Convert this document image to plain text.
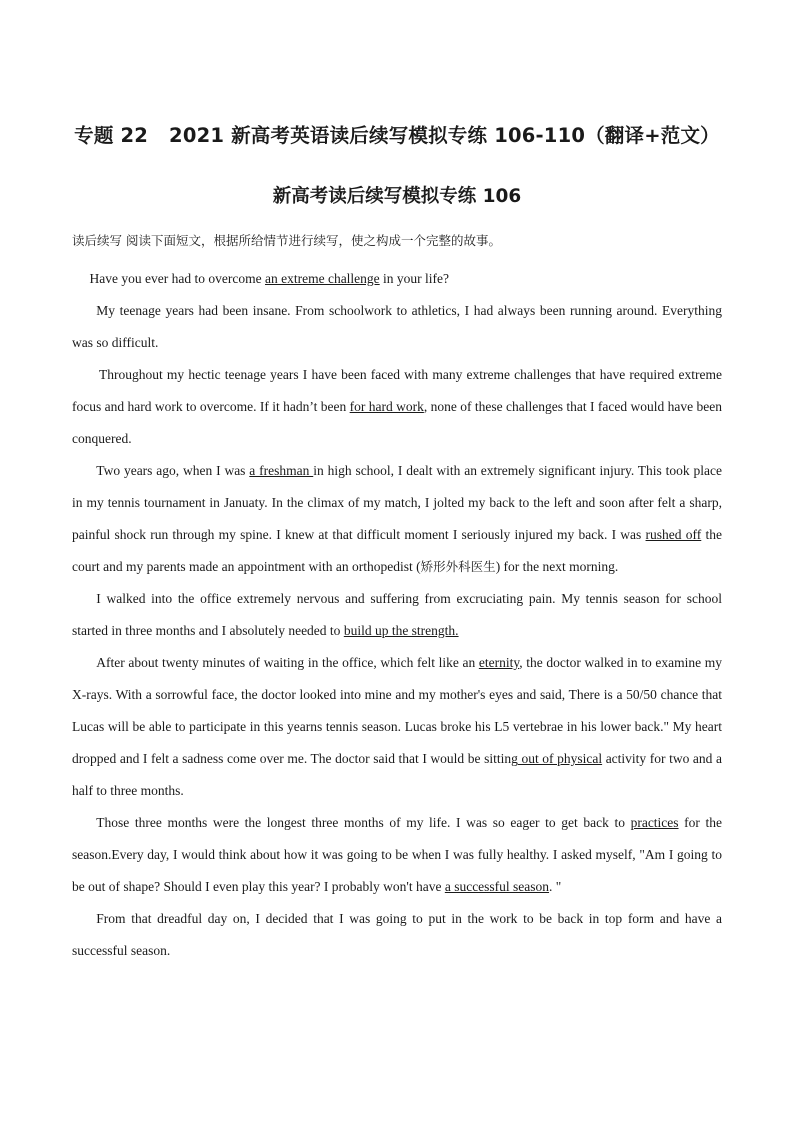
专题 22 2021 新高考英语读后续写模拟专练 106-110（翻译+范文）
新高考读后续写模拟专练 106
读后续写 阅读下面短文，根据所给情节进行续写，使之构成一个完整的故事。

Have you ever had to overcome an extreme challenge in your life?

My teenage years had been insane. From schoolwork to athletics, I had always been running around. Everything was so difficult.

Throughout my hectic teenage years I have been faced with many extreme challenges that have required extreme focus and hard work to overcome. If it hadn’t been for hard work, none of these challenges that I faced would have been conquered.

Two years ago, when I was a freshman in high school, I dealt with an extremely significant injury. This took place in my tennis tournament in Januaty. In the climax of my match, I jolted my back to the left and soon after felt a sharp, painful shock run through my spine. I knew at that difficult moment I seriously injured my back. I was rushed off the court and my parents made an appointment with an orthopedist (矫形外科医生) for the next morning.

I walked into the office extremely nervous and suffering from excruciating pain. My tennis season for school started in three months and I absolutely needed to build up the strength.

After about twenty minutes of waiting in the office, which felt like an eternity, the doctor walked in to examine my X-rays. With a sorrowful face, the doctor looked into mine and my mother's eyes and said, There is a 50/50 chance that Lucas will be able to participate in this yearns tennis season. Lucas broke his L5 vertebrae in his lower back." My heart dropped and I felt a sadness come over me. The doctor said that I would be sitting out of physical activity for two and a half to three months.

Those three months were the longest three months of my life. I was so eager to get back to practices for the season.Every day, I would think about how it was going to be when I was fully healthy. I asked myself, "Am I going to be out of shape? Should I even play this year? I probably won't have a successful season. "

From that dreadful day on, I decided that I was going to put in the work to be back in top form and have a successful season.
